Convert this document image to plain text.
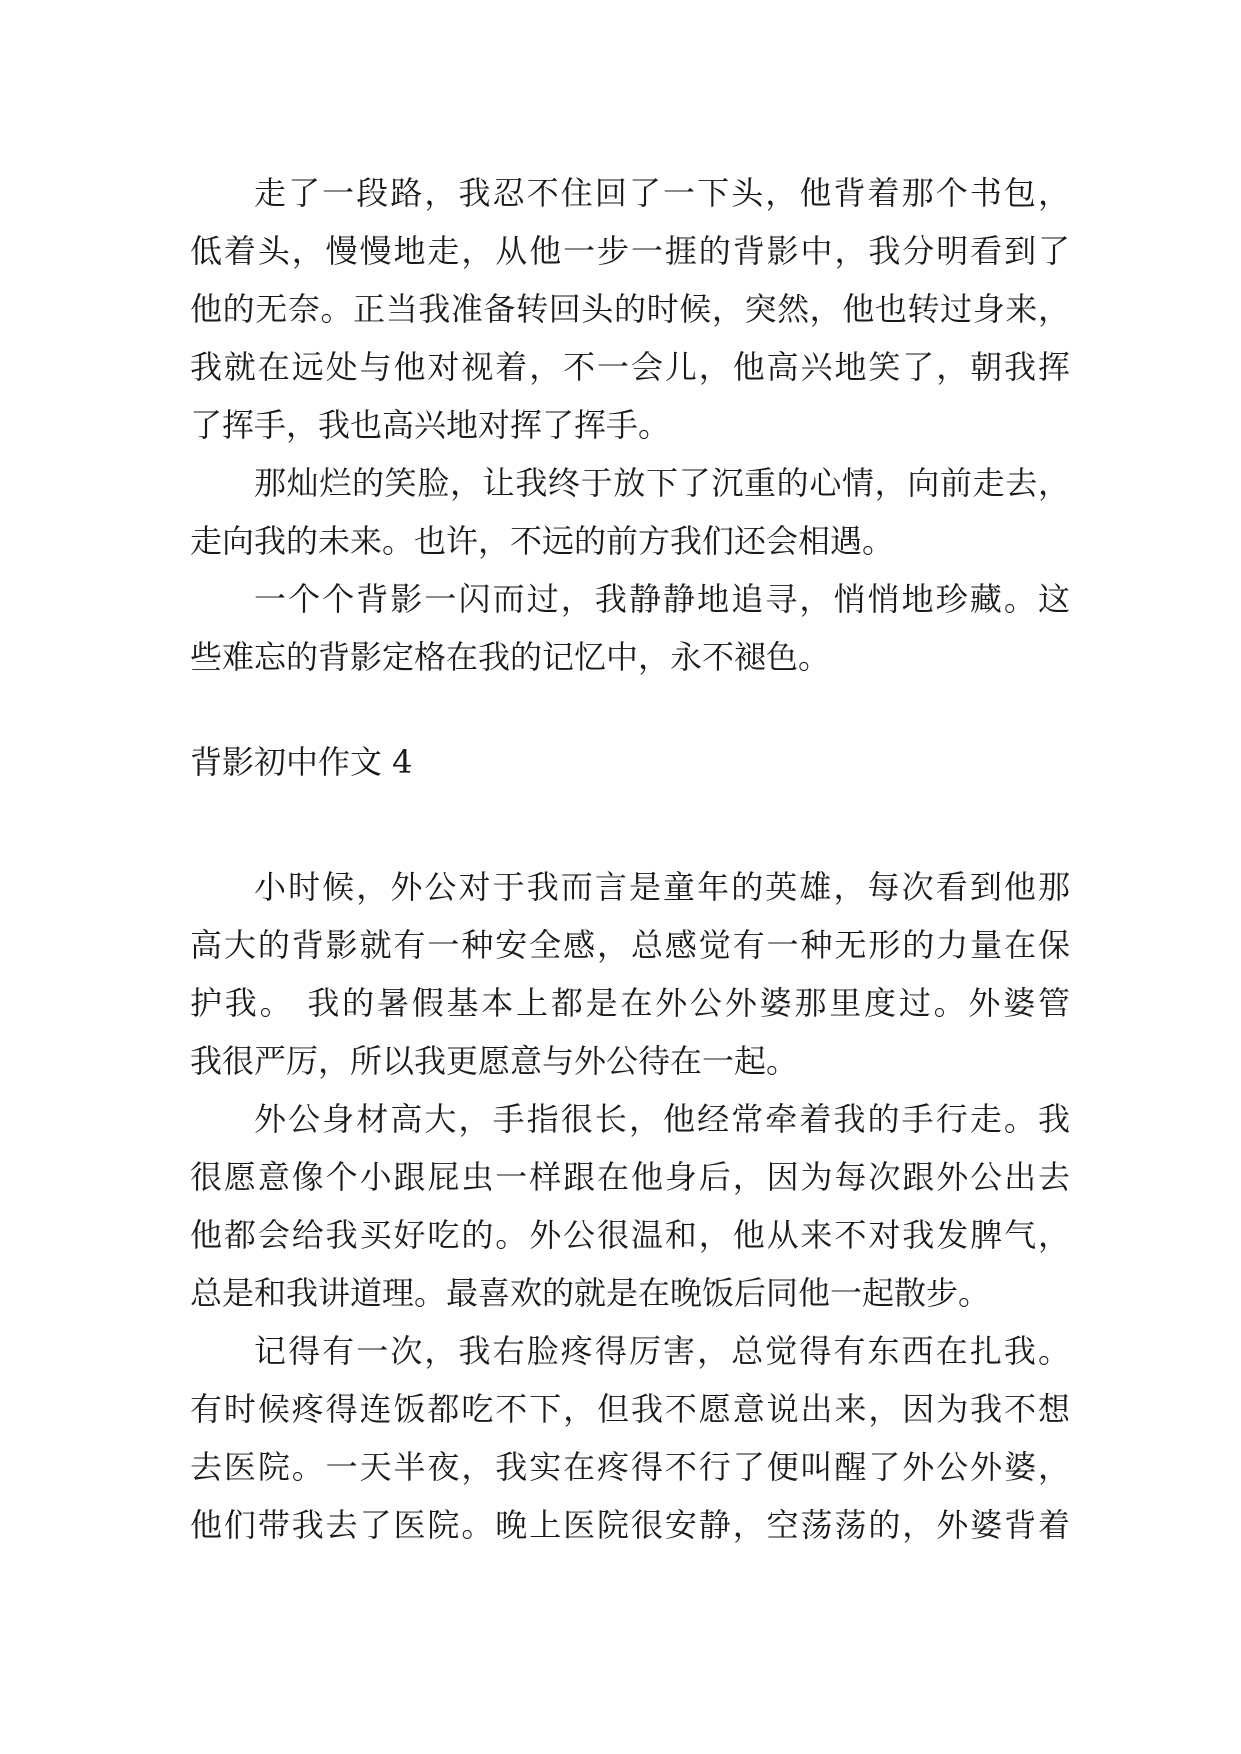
走了一段路，我忍不住回了一下头，他背着那个书包，
低着头，慢慢地走，从他一步一捱的背影中，我分明看到了
他的无奈。正当我准备转回头的时候，突然，他也转过身来，
我就在远处与他对视着，不一会儿，他高兴地笑了，朝我挥
了挥手，我也高兴地对挥了挥手。
那灿烂的笑脸，让我终于放下了沉重的心情，向前走去，
走向我的未来。也许，不远的前方我们还会相遇。
一个个背影一闪而过，我静静地追寻，悄悄地珍藏。这
些难忘的背影定格在我的记忆中，永不褪色。
背影初中作文 4
小时候，外公对于我而言是童年的英雄，每次看到他那
高大的背影就有一种安全感，总感觉有一种无形的力量在保
护我。 我的暑假基本上都是在外公外婆那里度过。外婆管
我很严厉，所以我更愿意与外公待在一起。
外公身材高大，手指很长，他经常牵着我的手行走。我
很愿意像个小跟屁虫一样跟在他身后，因为每次跟外公出去
他都会给我买好吃的。外公很温和，他从来不对我发脾气，
总是和我讲道理。最喜欢的就是在晚饭后同他一起散步。
记得有一次，我右脸疼得厉害，总觉得有东西在扎我。
有时候疼得连饭都吃不下，但我不愿意说出来，因为我不想
去医院。一天半夜，我实在疼得不行了便叫醒了外公外婆，
他们带我去了医院。晚上医院很安静，空荡荡的，外婆背着
